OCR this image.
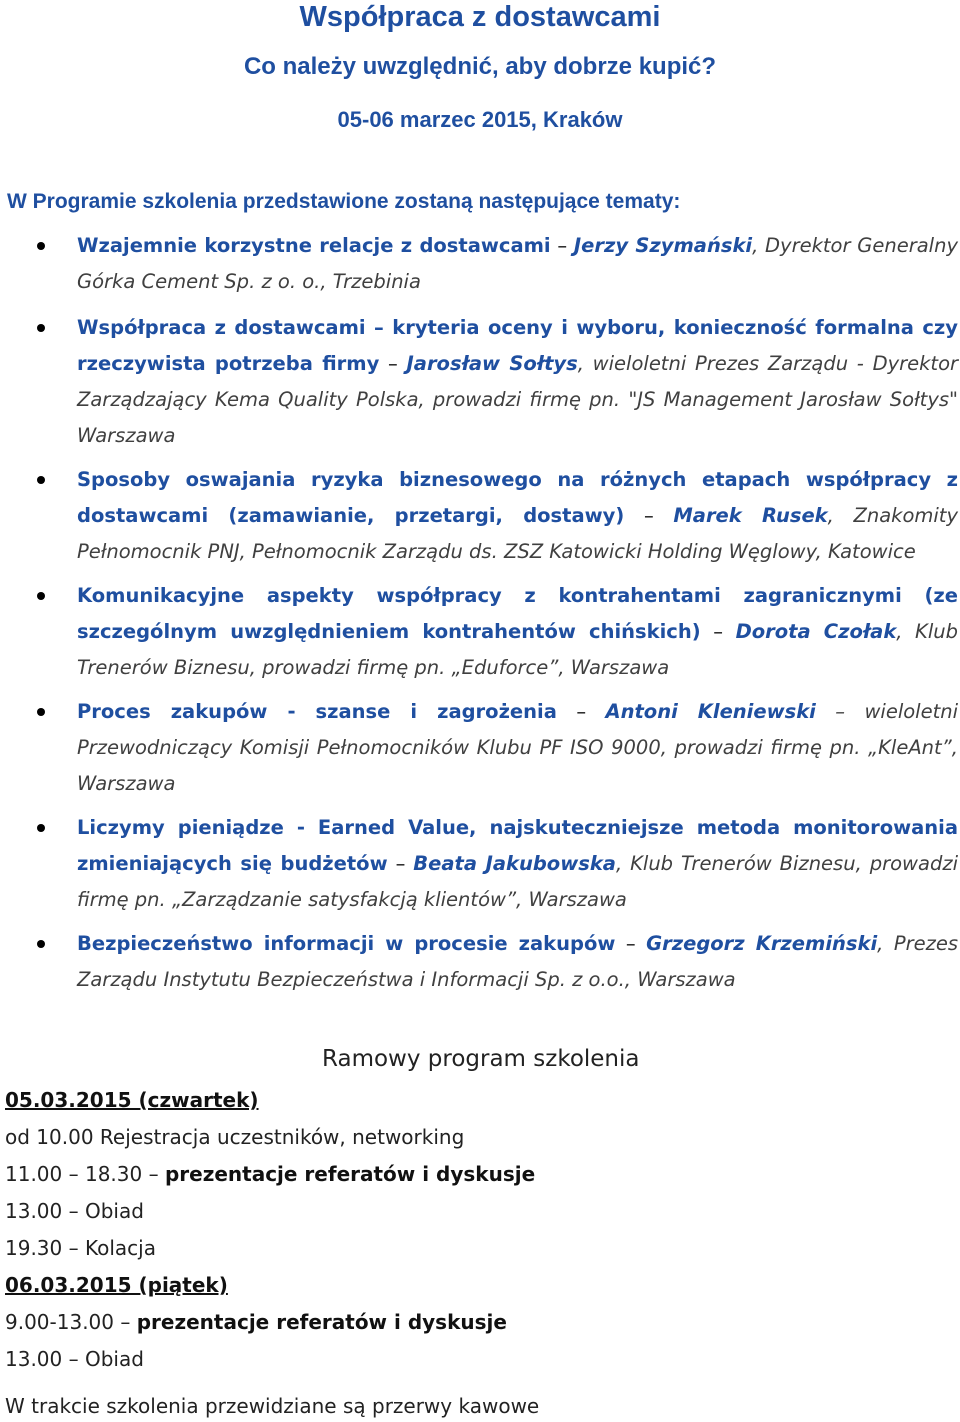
Współpraca z dostawcami
Co należy uwzględnić, aby dobrze kupić?
05-06 marzec 2015, Kraków

W Programie szkolenia przedstawione zostaną następujące tematy:

Wzajemnie korzystne relacje z dostawcami – Jerzy Szymański, Dyrektor Generalny Górka Cement Sp. z o. o., Trzebinia
Współpraca z dostawcami – kryteria oceny i wyboru, konieczność formalna czy rzeczywista potrzeba firmy – Jarosław Sołtys, wieloletni Prezes Zarządu - Dyrektor Zarządzający Kema Quality Polska, prowadzi firmę pn. "JS Management Jarosław Sołtys" Warszawa
Sposoby oswajania ryzyka biznesowego na różnych etapach współpracy z dostawcami (zamawianie, przetargi, dostawy) – Marek Rusek, Znakomity Pełnomocnik PNJ, Pełnomocnik Zarządu ds. ZSZ Katowicki Holding Węglowy, Katowice
Komunikacyjne aspekty współpracy z kontrahentami zagranicznymi (ze szczególnym uwzględnieniem kontrahentów chińskich) – Dorota Czołak, Klub Trenerów Biznesu, prowadzi firmę pn. „Eduforce”, Warszawa
Proces zakupów - szanse i zagrożenia – Antoni Kleniewski – wieloletni Przewodniczący Komisji Pełnomocników Klubu PF ISO 9000, prowadzi firmę pn. „KleAnt”, Warszawa
Liczymy pieniądze - Earned Value, najskuteczniejsze metoda monitorowania zmieniających się budżetów – Beata Jakubowska, Klub Trenerów Biznesu, prowadzi firmę pn. „Zarządzanie satysfakcją klientów”, Warszawa
Bezpieczeństwo informacji w procesie zakupów – Grzegorz Krzemiński, Prezes Zarządu Instytutu Bezpieczeństwa i Informacji Sp. z o.o., Warszawa
Ramowy program szkolenia
05.03.2015 (czwartek)
od 10.00 Rejestracja uczestników, networking
11.00 – 18.30 – prezentacje referatów i dyskusje
13.00 – Obiad
19.30 – Kolacja
06.03.2015 (piątek)
9.00-13.00 – prezentacje referatów i dyskusje
13.00 – Obiad

W trakcie szkolenia przewidziane są przerwy kawowe
